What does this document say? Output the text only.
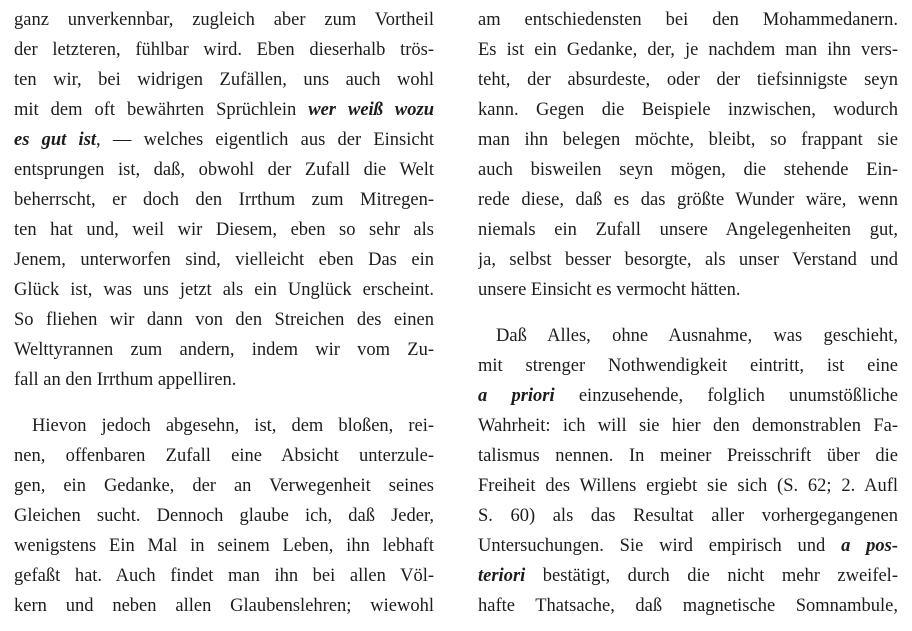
ganz unverkennbar, zugleich aber zum Vortheil
der letzteren, fühlbar wird. Eben dieserhalb trös-
ten wir, bei widrigen Zufällen, uns auch wohl
mit dem oft bewährten Sprüchlein wer weiß wozu
es gut ist, — welches eigentlich aus der Einsicht
entsprungen ist, daß, obwohl der Zufall die Welt
beherrscht, er doch den Irrthum zum Mitregen-
ten hat und, weil wir Diesem, eben so sehr als
Jenem, unterworfen sind, vielleicht eben Das ein
Glück ist, was uns jetzt als ein Unglück erscheint.
So fliehen wir dann von den Streichen des einen
Welttyrannen zum andern, indem wir vom Zu-
fall an den Irrthum appelliren.
Hievon jedoch abgesehn, ist, dem bloßen, rei-
nen, offenbaren Zufall eine Absicht unterzule-
gen, ein Gedanke, der an Verwegenheit seines
Gleichen sucht. Dennoch glaube ich, daß Jeder,
wenigstens Ein Mal in seinem Leben, ihn lebhaft
gefaßt hat. Auch findet man ihn bei allen Völ-
kern und neben allen Glaubenslehren; wiewohl
am entschiedensten bei den Mohammedanern.
Es ist ein Gedanke, der, je nachdem man ihn vers-
teht, der absurdeste, oder der tiefsinnigste seyn
kann. Gegen die Beispiele inzwischen, wodurch
man ihn belegen möchte, bleibt, so frappant sie
auch bisweilen seyn mögen, die stehende Ein-
rede diese, daß es das größte Wunder wäre, wenn
niemals ein Zufall unsere Angelegenheiten gut,
ja, selbst besser besorgte, als unser Verstand und
unsere Einsicht es vermocht hätten.
Daß Alles, ohne Ausnahme, was geschieht,
mit strenger Nothwendigkeit eintritt, ist eine
a priori einzusehende, folglich unumstößliche
Wahrheit: ich will sie hier den demonstrablen Fa-
talismus nennen. In meiner Preisschrift über die
Freiheit des Willens ergiebt sie sich (S. 62; 2. Aufl
S. 60) als das Resultat aller vorhergegangenen
Untersuchungen. Sie wird empirisch und a pos-
teriori bestätigt, durch die nicht mehr zweifel-
hafte Thatsache, daß magnetische Somnambule,
